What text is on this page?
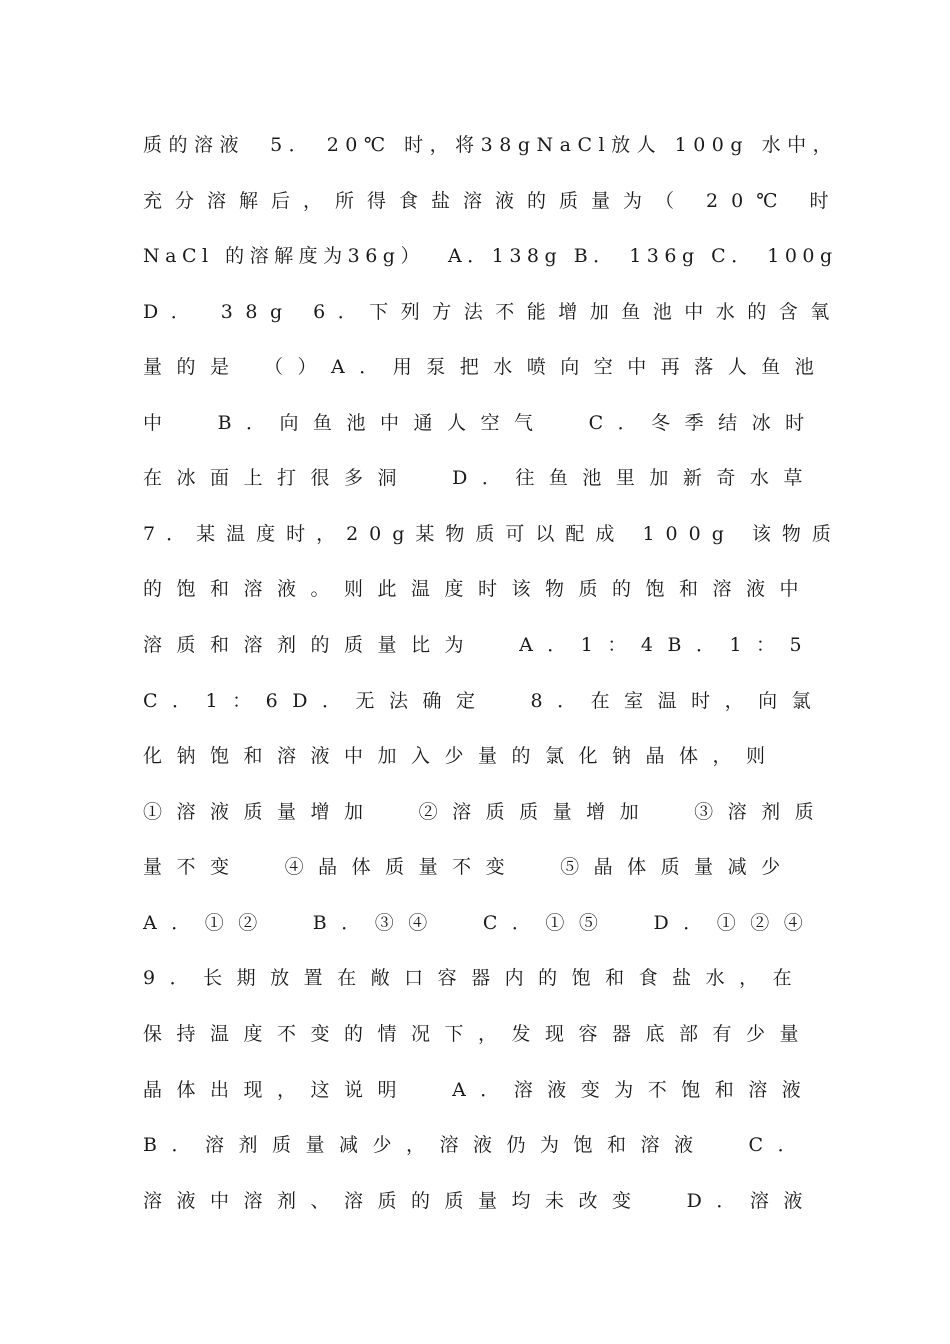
质的溶液  5． 20℃ 时，将38gNaCl放人 100g 水中，
充分溶解后，所得食盐溶液的质量为（ 20℃ 时
NaCl 的溶解度为36g）  A．138g B． 136g C． 100g
D． 38g 6．下列方法不能增加鱼池中水的含氧
量的是 （）A．用泵把水喷向空中再落人鱼池
中  B．向鱼池中通人空气  C．冬季结冰时
在冰面上打很多洞  D．往鱼池里加新奇水草
7．某温度时，20g某物质可以配成 100g 该物质
的饱和溶液。则此温度时该物质的饱和溶液中
溶质和溶剂的质量比为  A．1：4B．1：5
C．1：6D．无法确定  8．在室温时，向氯
化钠饱和溶液中加入少量的氯化钠晶体，则
①溶液质量增加  ②溶质质量增加  ③溶剂质
量不变  ④晶体质量不变  ⑤晶体质量减少
A．①②  B．③④  C．①⑤  D．①②④
9．长期放置在敞口容器内的饱和食盐水，在
保持温度不变的情况下，发现容器底部有少量
晶体出现，这说明  A．溶液变为不饱和溶液
B．溶剂质量减少，溶液仍为饱和溶液  C．
溶液中溶剂、溶质的质量均未改变  D．溶液
